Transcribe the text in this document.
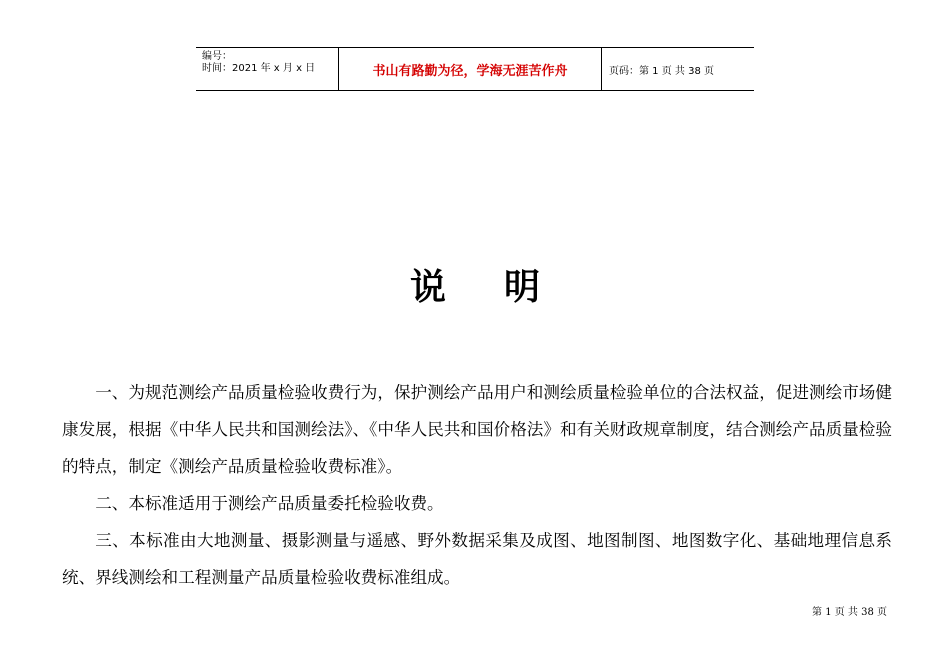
编号：
时间：2021 年 x 月 x 日	书山有路勤为径，学海无涯苦作舟	页码：第 1 页 共 38 页
说 明

一、为规范测绘产品质量检验收费行为，保护测绘产品用户和测绘质量检验单位的合法权益，促进测绘市场健康发展，根据《中华人民共和国测绘法》、《中华人民共和国价格法》和有关财政规章制度，结合测绘产品质量检验的特点，制定《测绘产品质量检验收费标准》。

二、本标准适用于测绘产品质量委托检验收费。

三、本标准由大地测量、摄影测量与遥感、野外数据采集及成图、地图制图、地图数字化、基础地理信息系统、界线测绘和工程测量产品质量检验收费标准组成。

第 1 页 共 38 页
